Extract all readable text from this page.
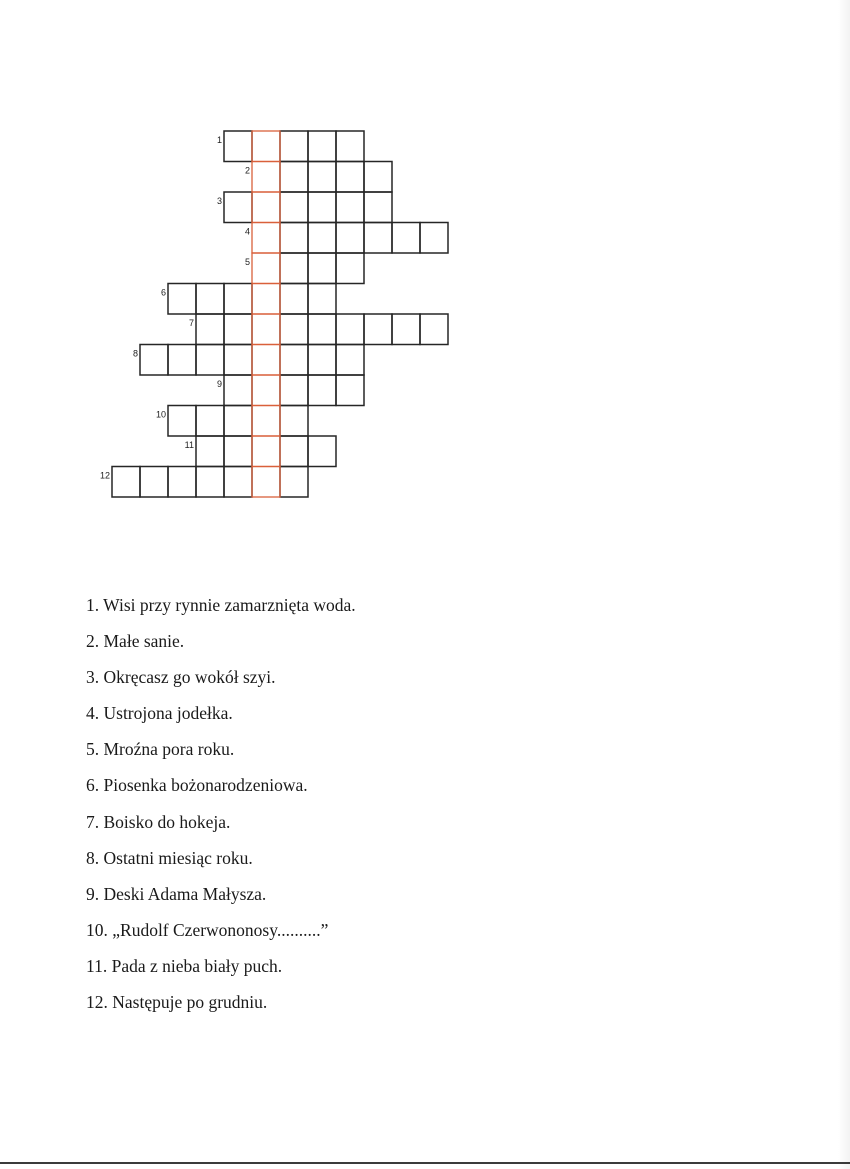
1
2
3
4
5
6
7
8
9
10
11
12
1. Wisi przy rynnie zamarznięta woda.
2. Małe sanie.
3. Okręcasz go wokół szyi.
4. Ustrojona jodełka.
5. Mroźna pora roku.
6. Piosenka bożonarodzeniowa.
7. Boisko do hokeja.
8. Ostatni miesiąc roku.
9. Deski Adama Małysza.
10. „Rudolf Czerwononosy..........”
11. Pada z nieba biały puch.
12. Następuje po grudniu.
